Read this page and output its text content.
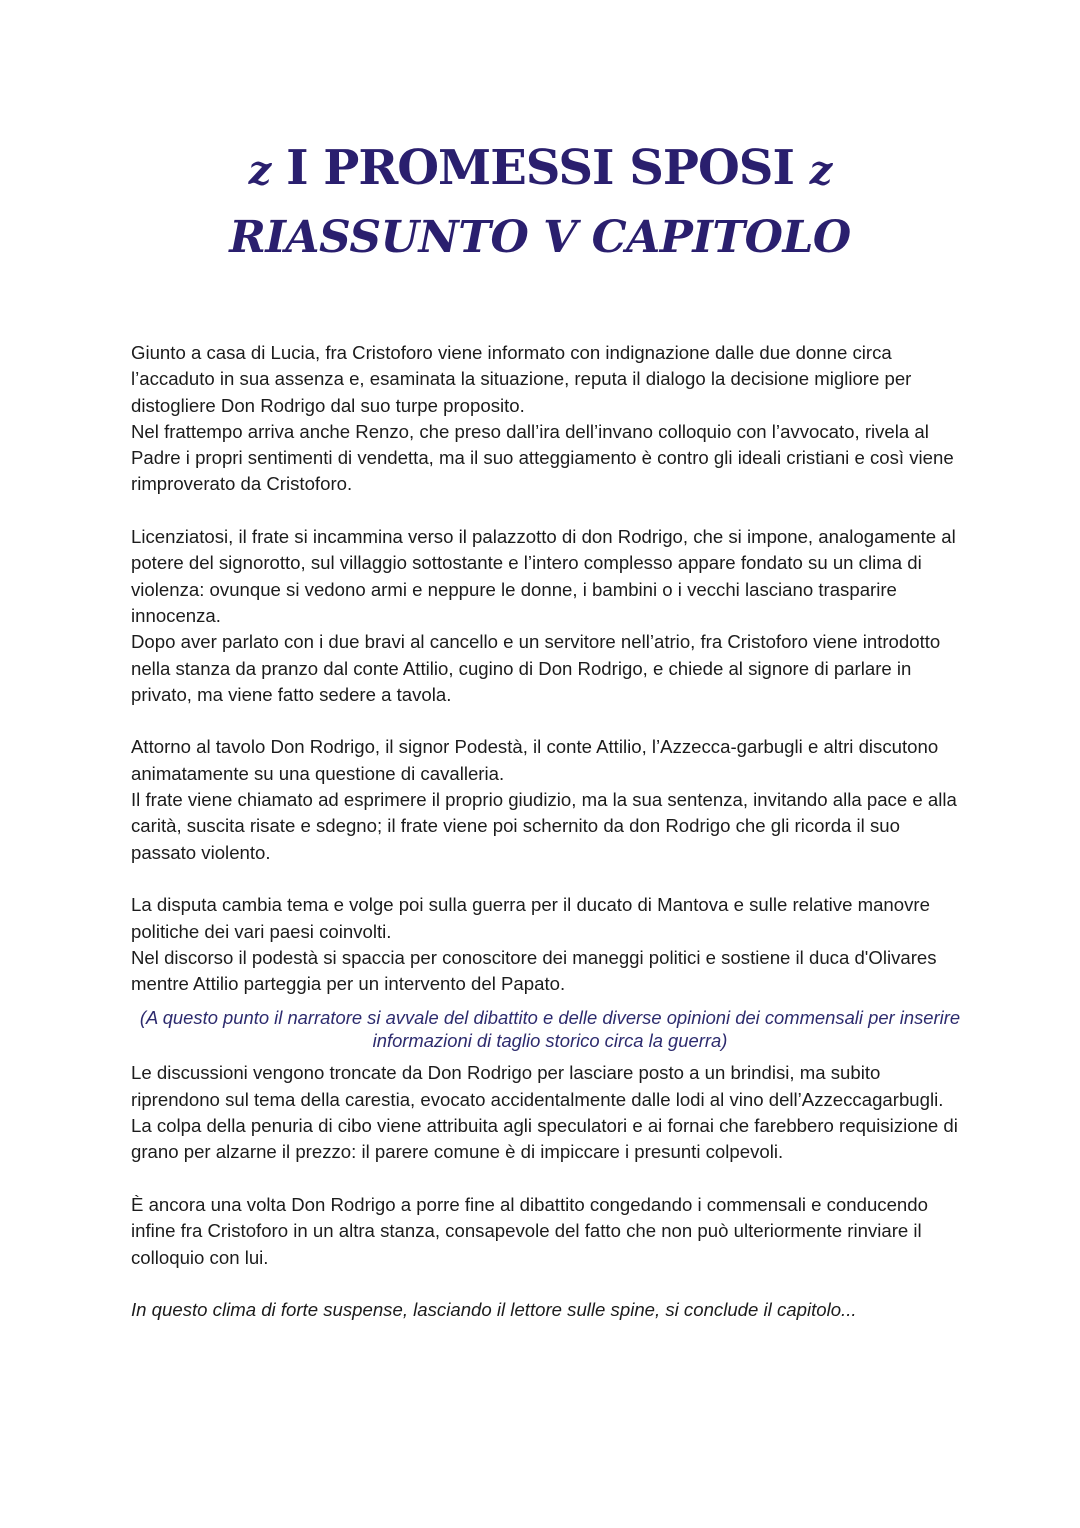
z I PROMESSI SPOSI z
RIASSUNTO V CAPITOLO

Giunto a casa di Lucia, fra Cristoforo viene informato con indignazione dalle due donne circa l’accaduto in sua assenza e, esaminata la situazione, reputa il dialogo la decisione migliore per distogliere Don Rodrigo dal suo turpe proposito.

Nel frattempo arriva anche Renzo, che preso dall’ira dell’invano colloquio con l’avvocato, rivela al Padre i propri sentimenti di vendetta, ma il suo atteggiamento è contro gli ideali cristiani e così viene rimproverato da Cristoforo.

Licenziatosi, il frate si incammina verso il palazzotto di don Rodrigo, che si impone, analogamente al potere del signorotto, sul villaggio sottostante e l’intero complesso appare fondato su un clima di violenza: ovunque si vedono armi e neppure le donne, i bambini o i vecchi lasciano trasparire innocenza.

Dopo aver parlato con i due bravi al cancello e un servitore nell’atrio, fra Cristoforo viene introdotto nella stanza da pranzo dal conte Attilio, cugino di Don Rodrigo, e chiede al signore di parlare in privato, ma viene fatto sedere a tavola.

Attorno al tavolo Don Rodrigo, il signor Podestà, il conte Attilio, l’Azzecca-garbugli e altri discutono animatamente su una questione di cavalleria.

Il frate viene chiamato ad esprimere il proprio giudizio, ma la sua sentenza, invitando alla pace e alla carità, suscita risate e sdegno; il frate viene poi schernito da don Rodrigo che gli ricorda il suo passato violento.

La disputa cambia tema e volge poi sulla guerra per il ducato di Mantova e sulle relative manovre politiche dei vari paesi coinvolti.

Nel discorso il podestà si spaccia per conoscitore dei maneggi politici e sostiene il duca d'Olivares mentre Attilio parteggia per un intervento del Papato.

(A questo punto il narratore si avvale del dibattito e delle diverse opinioni dei commensali per inserire informazioni di taglio storico circa la guerra)

Le discussioni vengono troncate da Don Rodrigo per lasciare posto a un brindisi, ma subito riprendono sul tema della carestia, evocato accidentalmente dalle lodi al vino dell’Azzeccagarbugli.

La colpa della penuria di cibo viene attribuita agli speculatori e ai fornai che farebbero requisizione di grano per alzarne il prezzo: il parere comune è di impiccare i presunti colpevoli.

È ancora una volta Don Rodrigo a porre fine al dibattito congedando i commensali e conducendo infine fra Cristoforo in un altra stanza, consapevole del fatto che non può ulteriormente rinviare il colloquio con lui.

In questo clima di forte suspense, lasciando il lettore sulle spine, si conclude il capitolo...
